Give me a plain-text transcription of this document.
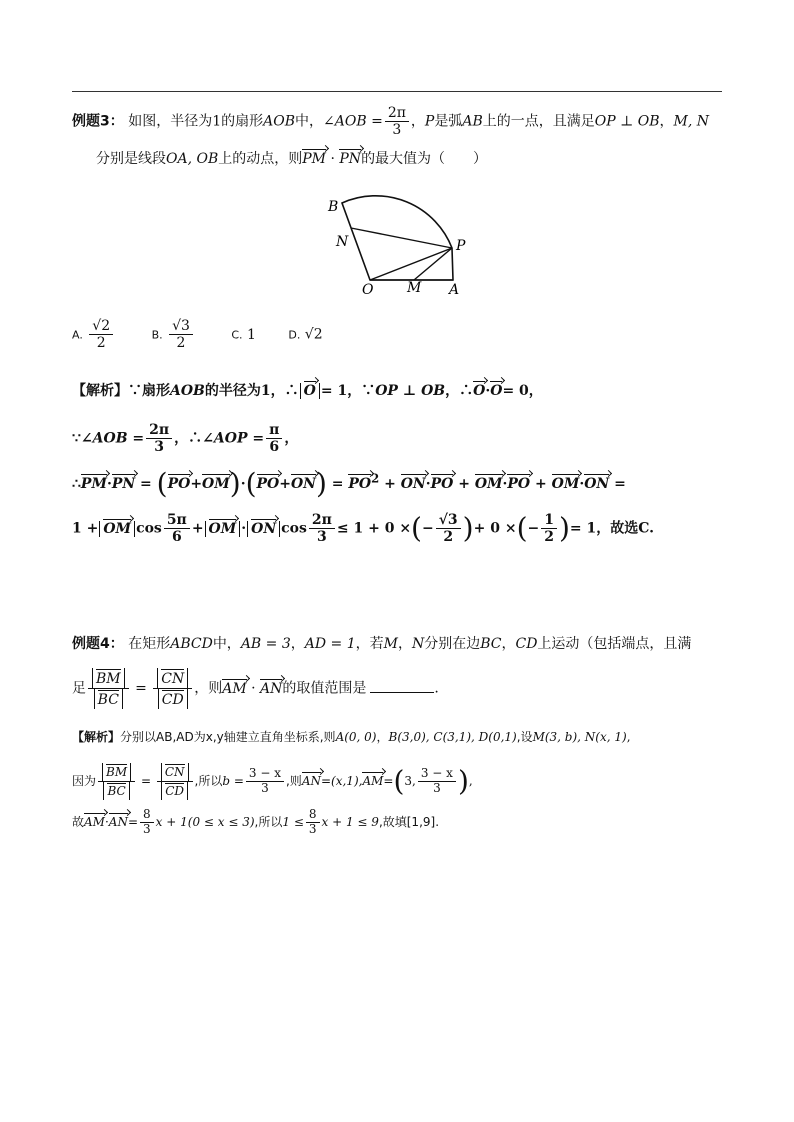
例题3： 如图，半径为1的扇形AOB中，∠AOB = $\frac{2\pi}{3}$ ，P是弧AB上的一点，且满足OP ⊥ OB，M, N
分别是线段OA, OB上的动点，则PM · PN的最大值为（　　）
B
N	P
O M A
A. $\frac{√2}{2}$	B. $\frac{√3}{2}$	C. 1	D. √2
【解析】∵扇形AOB的半径为1，∴ O = 1，∵OP ⊥ OB，∴O·O= 0，
∵∠AOB = $\frac{2\pi}{3}$ ，∴∠AOP = $\frac{\pi}{6}$ ，
∴PM·PN = $(PO+OM)\cdot(PO+ON) = PO^2 + ON\cdot PO + OM\cdot PO + OM\cdot ON$ =
1 + OM $\cos \frac{5\pi}{6}$ + OM · ON $\cos \frac{2\pi}{3} \le 1 + 0$ ×(− $\frac{√3}{2}$ )+ 0 ×(− $\frac{1}{2}$ )= 1，故选C.
例题4： 在矩形ABCD中，AB = 3，AD = 1，若M，N分别在边BC，CD上运动（包括端点，且满
足 $\frac{BM}{BC} = \frac{CN}{CD}$ ，则AM · AN的取值范围是	.
【解析】分别以AB,AD为x,y轴建立直角坐标系,则A(0, 0)，B(3,0), C(3,1), D(0,1),设M(3, b), N(x, 1),
因为 $\frac{BM}{BC} = \frac{CN}{CD}$ ,所以$b = \frac{3 - x}{3}$ ,则AN=(x,1),AM=(3, $\frac{3 - x}{3}$ ),
故$AM\cdot AN= \frac{8}{3}$ x + 1(0 ≤ x ≤ 3),所以$1 \le \frac{8}{3}$ x + 1 ≤ 9,故填[1,9].
